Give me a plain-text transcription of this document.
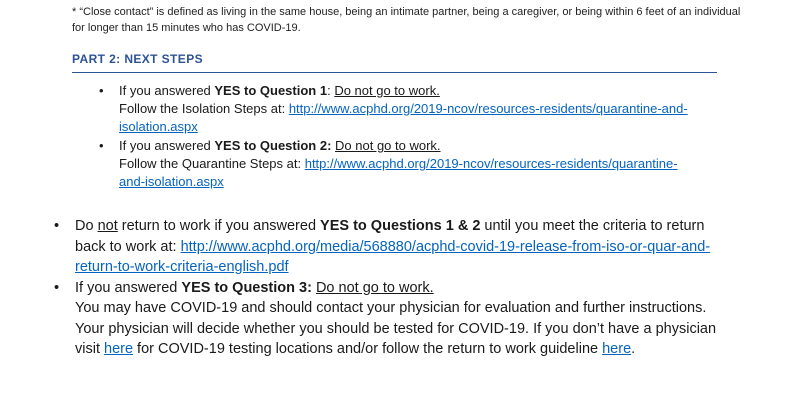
* “Close contact” is defined as living in the same house, being an intimate partner, being a caregiver, or being within 6 feet of an individual for longer than 15 minutes who has COVID-19.
PART 2: NEXT STEPS
• If you answered YES to Question 1: Do not go to work.
Follow the Isolation Steps at: http://www.acphd.org/2019-ncov/resources-residents/quarantine-and-isolation.aspx
• If you answered YES to Question 2: Do not go to work.
Follow the Quarantine Steps at: http://www.acphd.org/2019-ncov/resources-residents/quarantine-and-isolation.aspx
• Do not return to work if you answered YES to Questions 1 & 2 until you meet the criteria to return back to work at: http://www.acphd.org/media/568880/acphd-covid-19-release-from-iso-or-quar-and-return-to-work-criteria-english.pdf
• If you answered YES to Question 3: Do not go to work.
You may have COVID-19 and should contact your physician for evaluation and further instructions. Your physician will decide whether you should be tested for COVID-19. If you don’t have a physician visit here for COVID-19 testing locations and/or follow the return to work guideline here.
